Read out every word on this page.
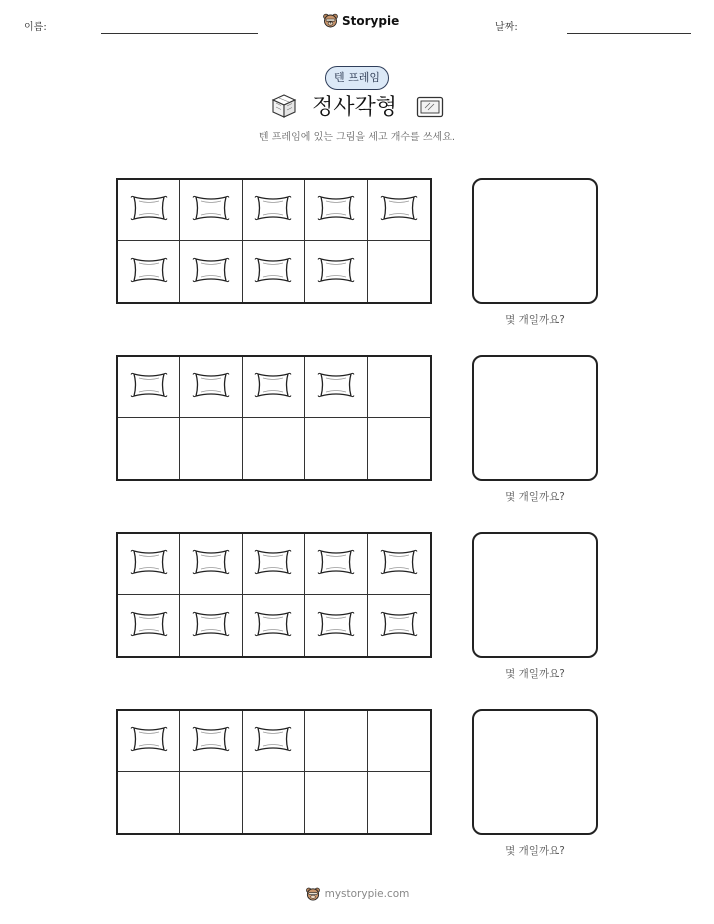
이름:	Storypie	날짜:
텐 프레임
정사각형
텐 프레임에 있는 그림을 세고 개수를 쓰세요.
몇 개일까요?
몇 개일까요?
몇 개일까요?
몇 개일까요?
mystorypie.com
